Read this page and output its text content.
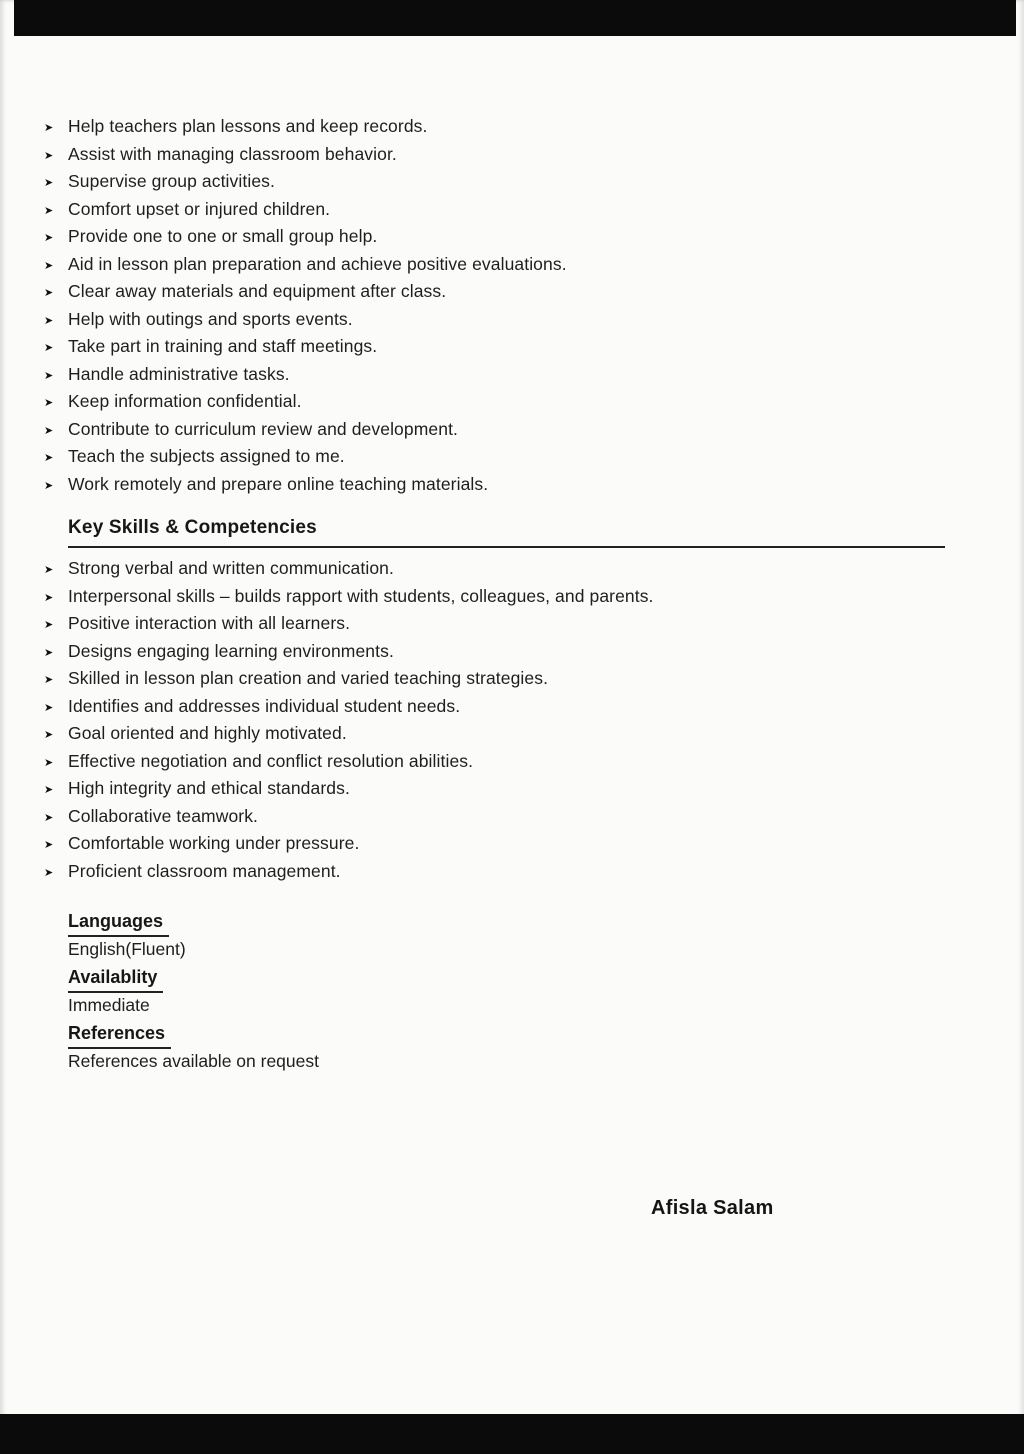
➤ Help teachers plan lessons and keep records.
➤ Assist with managing classroom behavior.
➤ Supervise group activities.
➤ Comfort upset or injured children.
➤ Provide one to one or small group help.
➤ Aid in lesson plan preparation and achieve positive evaluations.
➤ Clear away materials and equipment after class.
➤ Help with outings and sports events.
➤ Take part in training and staff meetings.
➤ Handle administrative tasks.
➤ Keep information confidential.
➤ Contribute to curriculum review and development.
➤ Teach the subjects assigned to me.
➤ Work remotely and prepare online teaching materials.
Key Skills & Competencies
➤ Strong verbal and written communication.
➤ Interpersonal skills – builds rapport with students, colleagues, and parents.
➤ Positive interaction with all learners.
➤ Designs engaging learning environments.
➤ Skilled in lesson plan creation and varied teaching strategies.
➤ Identifies and addresses individual student needs.
➤ Goal oriented and highly motivated.
➤ Effective negotiation and conflict resolution abilities.
➤ High integrity and ethical standards.
➤ Collaborative teamwork.
➤ Comfortable working under pressure.
➤ Proficient classroom management.
Languages
English(Fluent)
Availablity
Immediate
References
References available on request
Afisla Salam
